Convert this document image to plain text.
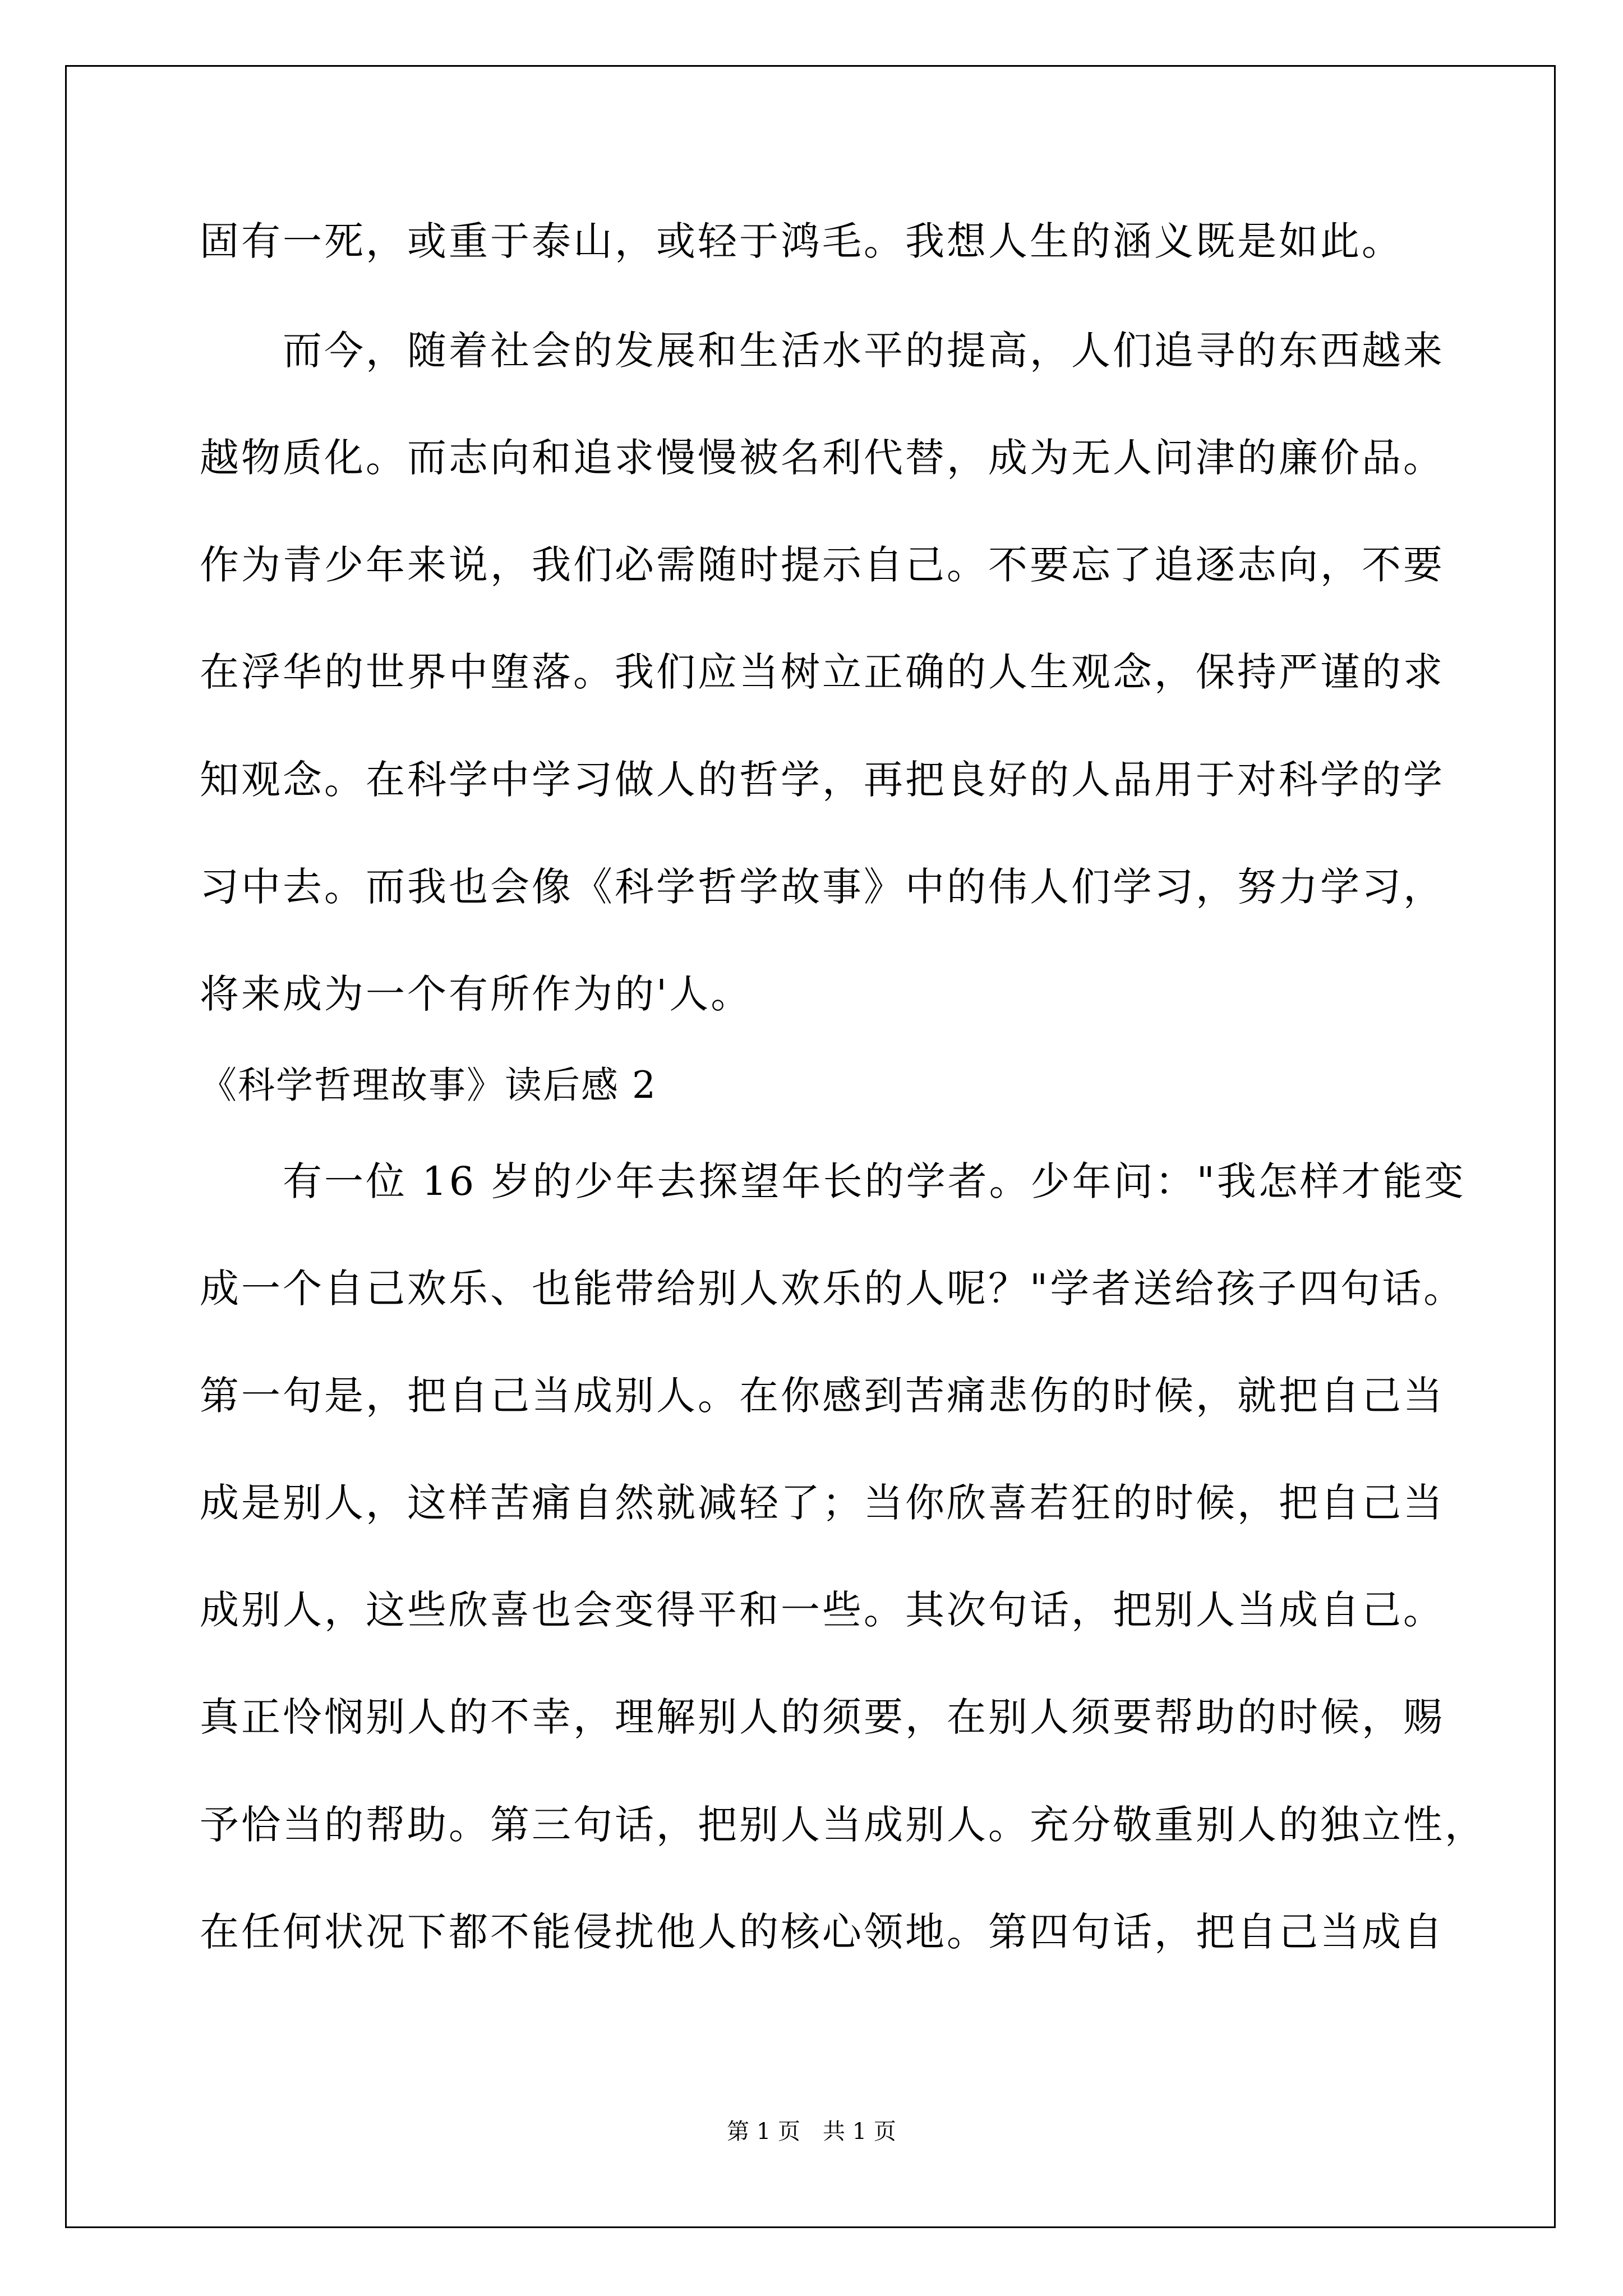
固有一死，或重于泰山，或轻于鸿毛。我想人生的涵义既是如此。
　　而今，随着社会的发展和生活水平的提高，人们追寻的东西越来
越物质化。而志向和追求慢慢被名利代替，成为无人问津的廉价品。
作为青少年来说，我们必需随时提示自己。不要忘了追逐志向，不要
在浮华的世界中堕落。我们应当树立正确的人生观念，保持严谨的求
知观念。在科学中学习做人的哲学，再把良好的人品用于对科学的学
习中去。而我也会像《科学哲学故事》中的伟人们学习，努力学习，
将来成为一个有所作为的'人。
《科学哲理故事》读后感 2
　　有一位 16 岁的少年去探望年长的学者。少年问："我怎样才能变
成一个自己欢乐、也能带给别人欢乐的人呢？"学者送给孩子四句话。
第一句是，把自己当成别人。在你感到苦痛悲伤的时候，就把自己当
成是别人，这样苦痛自然就减轻了；当你欣喜若狂的时候，把自己当
成别人，这些欣喜也会变得平和一些。其次句话，把别人当成自己。
真正怜悯别人的不幸，理解别人的须要，在别人须要帮助的时候，赐
予恰当的帮助。第三句话，把别人当成别人。充分敬重别人的独立性，
在任何状况下都不能侵扰他人的核心领地。第四句话，把自己当成自
第 1 页 共 1 页
